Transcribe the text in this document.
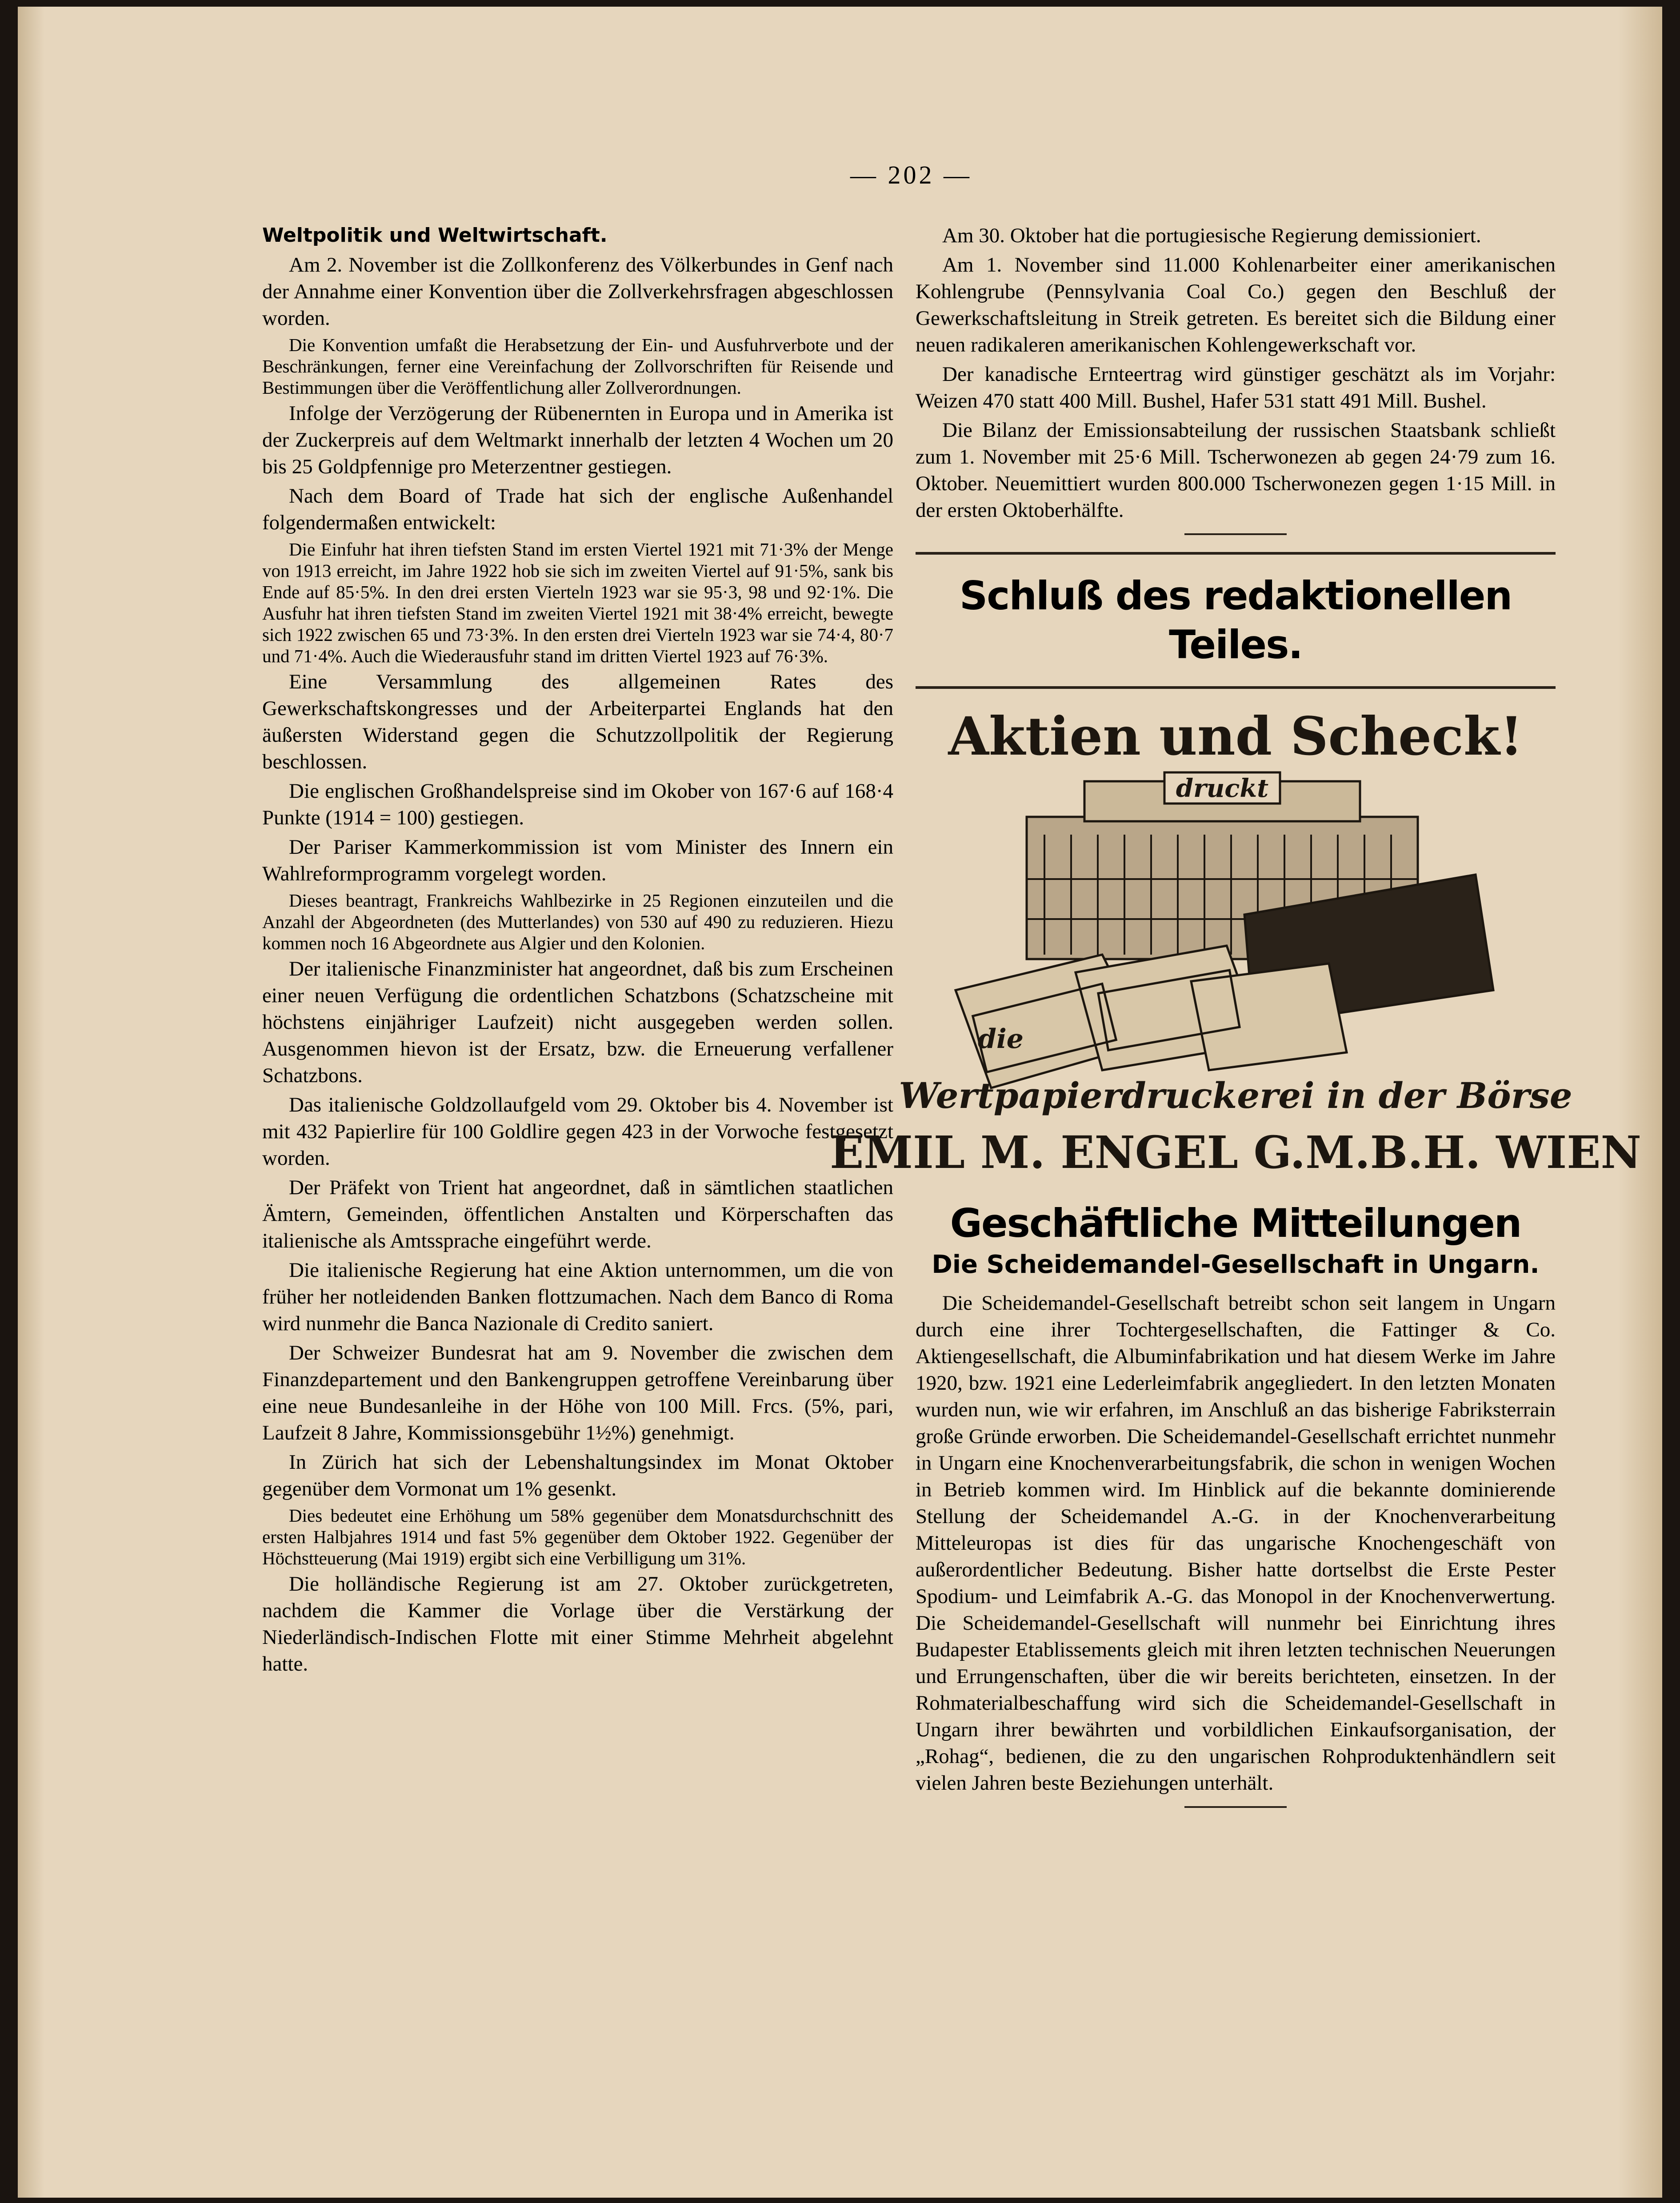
— 202 —

Weltpolitik und Weltwirtschaft.

Am 2. November ist die Zollkonferenz des Völkerbundes in Genf nach der Annahme einer Konvention über die Zollverkehrsfragen abgeschlossen worden.

Die Konvention umfaßt die Herabsetzung der Ein- und Ausfuhrverbote und der Beschränkungen, ferner eine Vereinfachung der Zollvorschriften für Reisende und Bestimmungen über die Veröffentlichung aller Zollverordnungen.

Infolge der Verzögerung der Rübenernten in Europa und in Amerika ist der Zuckerpreis auf dem Weltmarkt innerhalb der letzten 4 Wochen um 20 bis 25 Goldpfennige pro Meterzentner gestiegen.

Nach dem Board of Trade hat sich der englische Außenhandel folgendermaßen entwickelt:

Die Einfuhr hat ihren tiefsten Stand im ersten Viertel 1921 mit 71·3% der Menge von 1913 erreicht, im Jahre 1922 hob sie sich im zweiten Viertel auf 91·5%, sank bis Ende auf 85·5%. In den drei ersten Vierteln 1923 war sie 95·3, 98 und 92·1%. Die Ausfuhr hat ihren tiefsten Stand im zweiten Viertel 1921 mit 38·4% erreicht, bewegte sich 1922 zwischen 65 und 73·3%. In den ersten drei Vierteln 1923 war sie 74·4, 80·7 und 71·4%. Auch die Wiederausfuhr stand im dritten Viertel 1923 auf 76·3%.

Eine Versammlung des allgemeinen Rates des Gewerkschaftskongresses und der Arbeiterpartei Englands hat den äußersten Widerstand gegen die Schutzzollpolitik der Regierung beschlossen.

Die englischen Großhandelspreise sind im Okober von 167·6 auf 168·4 Punkte (1914 = 100) gestiegen.

Der Pariser Kammerkommission ist vom Minister des Innern ein Wahlreformprogramm vorgelegt worden.

Dieses beantragt, Frankreichs Wahlbezirke in 25 Regionen einzuteilen und die Anzahl der Abgeordneten (des Mutterlandes) von 530 auf 490 zu reduzieren. Hiezu kommen noch 16 Abgeordnete aus Algier und den Kolonien.

Der italienische Finanzminister hat angeordnet, daß bis zum Erscheinen einer neuen Verfügung die ordentlichen Schatzbons (Schatzscheine mit höchstens einjähriger Laufzeit) nicht ausgegeben werden sollen. Ausgenommen hievon ist der Ersatz, bzw. die Erneuerung verfallener Schatzbons.

Das italienische Goldzollaufgeld vom 29. Oktober bis 4. November ist mit 432 Papierlire für 100 Goldlire gegen 423 in der Vorwoche festgesetzt worden.

Der Präfekt von Trient hat angeordnet, daß in sämtlichen staatlichen Ämtern, Gemeinden, öffentlichen Anstalten und Körperschaften das italienische als Amtssprache eingeführt werde.

Die italienische Regierung hat eine Aktion unternommen, um die von früher her notleidenden Banken flottzumachen. Nach dem Banco di Roma wird nunmehr die Banca Nazionale di Credito saniert.

Der Schweizer Bundesrat hat am 9. November die zwischen dem Finanzdepartement und den Bankengruppen getroffene Vereinbarung über eine neue Bundesanleihe in der Höhe von 100 Mill. Frcs. (5%, pari, Laufzeit 8 Jahre, Kommissionsgebühr 1½%) genehmigt.

In Zürich hat sich der Lebenshaltungsindex im Monat Oktober gegenüber dem Vormonat um 1% gesenkt.

Dies bedeutet eine Erhöhung um 58% gegenüber dem Monatsdurchschnitt des ersten Halbjahres 1914 und fast 5% gegenüber dem Oktober 1922. Gegenüber der Höchstteuerung (Mai 1919) ergibt sich eine Verbilligung um 31%.

Die holländische Regierung ist am 27. Oktober zurückgetreten, nachdem die Kammer die Vorlage über die Verstärkung der Niederländisch-Indischen Flotte mit einer Stimme Mehrheit abgelehnt hatte.

Am 30. Oktober hat die portugiesische Regierung demissioniert.

Am 1. November sind 11.000 Kohlenarbeiter einer amerikanischen Kohlengrube (Pennsylvania Coal Co.) gegen den Beschluß der Gewerkschaftsleitung in Streik getreten. Es bereitet sich die Bildung einer neuen radikaleren amerikanischen Kohlengewerkschaft vor.

Der kanadische Ernteertrag wird günstiger geschätzt als im Vorjahr: Weizen 470 statt 400 Mill. Bushel, Hafer 531 statt 491 Mill. Bushel.

Die Bilanz der Emissionsabteilung der russischen Staatsbank schließt zum 1. November mit 25·6 Mill. Tscherwonezen ab gegen 24·79 zum 16. Oktober. Neuemittiert wurden 800.000 Tscherwonezen gegen 1·15 Mill. in der ersten Oktoberhälfte.

Schluß des redaktionellen Teiles.
Aktien und Scheck!
druckt
die
Wertpapierdruckerei in der Börse
EMIL M. ENGEL G.M.B.H. WIEN
Geschäftliche Mitteilungen
Die Scheidemandel-Gesellschaft in Ungarn.

Die Scheidemandel-Gesellschaft betreibt schon seit langem in Ungarn durch eine ihrer Tochtergesellschaften, die Fattinger & Co. Aktiengesellschaft, die Albuminfabrikation und hat diesem Werke im Jahre 1920, bzw. 1921 eine Lederleimfabrik angegliedert. In den letzten Monaten wurden nun, wie wir erfahren, im Anschluß an das bisherige Fabriksterrain große Gründe erworben. Die Scheidemandel-Gesellschaft errichtet nunmehr in Ungarn eine Knochenverarbeitungsfabrik, die schon in wenigen Wochen in Betrieb kommen wird. Im Hinblick auf die bekannte dominierende Stellung der Scheidemandel A.-G. in der Knochenverarbeitung Mitteleuropas ist dies für das ungarische Knochengeschäft von außerordentlicher Bedeutung. Bisher hatte dortselbst die Erste Pester Spodium- und Leimfabrik A.-G. das Monopol in der Knochenverwertung. Die Scheidemandel-Gesellschaft will nunmehr bei Einrichtung ihres Budapester Etablissements gleich mit ihren letzten technischen Neuerungen und Errungenschaften, über die wir bereits berichteten, einsetzen. In der Rohmaterialbeschaffung wird sich die Scheidemandel-Gesellschaft in Ungarn ihrer bewährten und vorbildlichen Einkaufsorganisation, der „Rohag“, bedienen, die zu den ungarischen Rohproduktenhändlern seit vielen Jahren beste Beziehungen unterhält.
